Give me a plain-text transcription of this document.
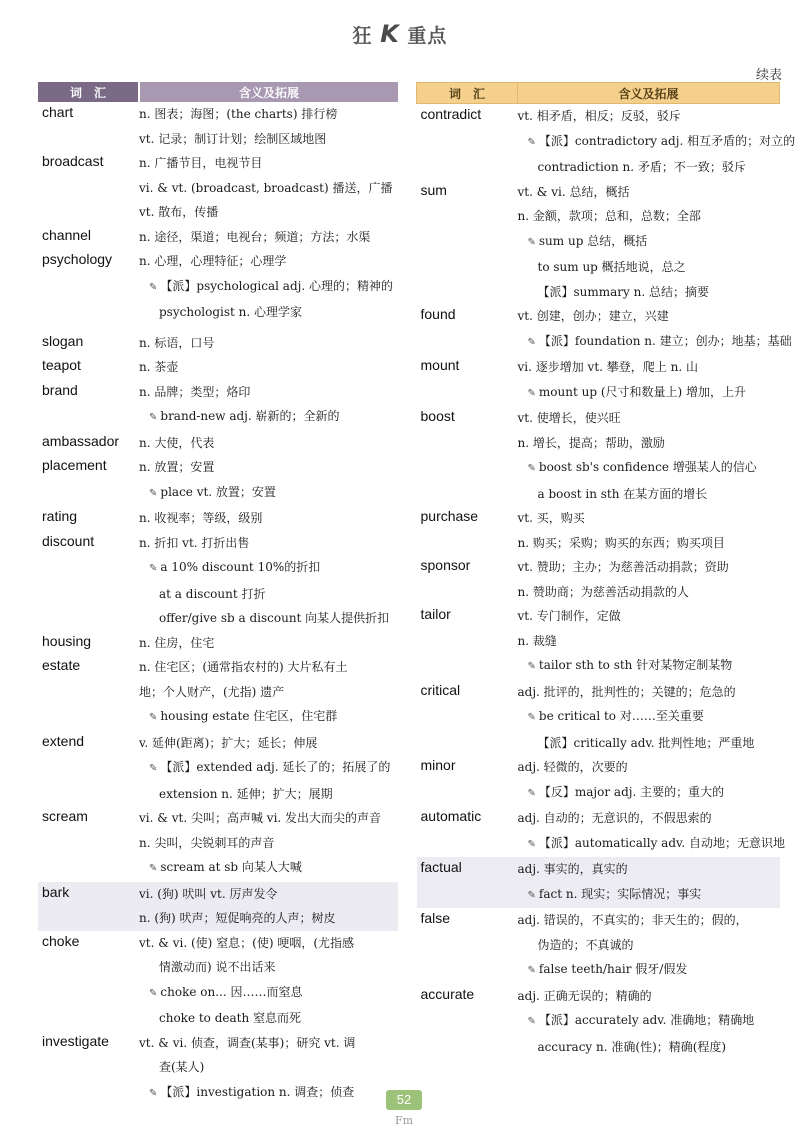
狂 K 重点
续表
词　汇	含义及拓展
chart	n. 图表；海图；(the charts) 排行榜
vt. 记录；制订计划；绘制区域地图

broadcast	n. 广播节目，电视节目
vi. & vt. (broadcast, broadcast) 播送，广播
vt. 散布，传播

channel	n. 途径，渠道；电视台；频道；方法；水渠

psychology	n. 心理，心理特征；心理学
✎ 【派】psychological adj. 心理的；精神的
psychologist n. 心理学家

slogan	n. 标语，口号

teapot	n. 茶壶

brand	n. 品牌；类型；烙印
✎ brand-new adj. 崭新的；全新的

ambassador	n. 大使，代表

placement	n. 放置；安置
✎ place vt. 放置；安置

rating	n. 收视率；等级，级别

discount	n. 折扣 vt. 打折出售
✎ a 10% discount 10%的折扣
at a discount 打折
offer/give sb a discount 向某人提供折扣

housing	n. 住房，住宅

estate	n. 住宅区；(通常指农村的) 大片私有土
地；个人财产，(尤指) 遗产
✎ housing estate 住宅区，住宅群

extend	v. 延伸(距离)；扩大；延长；伸展
✎ 【派】extended adj. 延长了的；拓展了的
extension n. 延伸；扩大；展期

scream	vi. & vt. 尖叫；高声喊 vi. 发出大而尖的声音
n. 尖叫，尖锐刺耳的声音
✎ scream at sb 向某人大喊

bark	vi. (狗) 吠叫 vt. 厉声发令
n. (狗) 吠声；短促响亮的人声；树皮

choke	vt. & vi. (使) 窒息；(使) 哽咽，(尤指感
情激动而) 说不出话来
✎ choke on... 因……而窒息
choke to death 窒息而死

investigate	vt. & vi. 侦查，调查(某事)；研究 vt. 调
查(某人)
✎ 【派】investigation n. 调查；侦查
词　汇	含义及拓展
contradict	vt. 相矛盾，相反；反驳，驳斥
✎ 【派】contradictory adj. 相互矛盾的；对立的
contradiction n. 矛盾；不一致；驳斥

sum	vt. & vi. 总结，概括
n. 金额，款项；总和，总数；全部
✎ sum up 总结，概括
to sum up 概括地说，总之
【派】summary n. 总结；摘要

found	vt. 创建，创办；建立，兴建
✎ 【派】foundation n. 建立；创办；地基；基础

mount	vi. 逐步增加 vt. 攀登，爬上 n. 山
✎ mount up (尺寸和数量上) 增加，上升

boost	vt. 使增长，使兴旺
n. 增长，提高；帮助，激励
✎ boost sb's confidence 增强某人的信心
a boost in sth 在某方面的增长

purchase	vt. 买，购买
n. 购买；采购；购买的东西；购买项目

sponsor	vt. 赞助；主办；为慈善活动捐款；资助
n. 赞助商；为慈善活动捐款的人

tailor	vt. 专门制作，定做
n. 裁缝
✎ tailor sth to sth 针对某物定制某物

critical	adj. 批评的，批判性的；关键的；危急的
✎ be critical to 对……至关重要
【派】critically adv. 批判性地；严重地

minor	adj. 轻微的，次要的
✎ 【反】major adj. 主要的；重大的

automatic	adj. 自动的；无意识的，不假思索的
✎ 【派】automatically adv. 自动地；无意识地

factual	adj. 事实的，真实的
✎ fact n. 现实；实际情况；事实

false	adj. 错误的，不真实的；非天生的；假的，
伪造的；不真诚的
✎ false teeth/hair 假牙/假发

accurate	adj. 正确无误的；精确的
✎ 【派】accurately adv. 准确地；精确地
accuracy n. 准确(性)；精确(程度)
52
Fm
